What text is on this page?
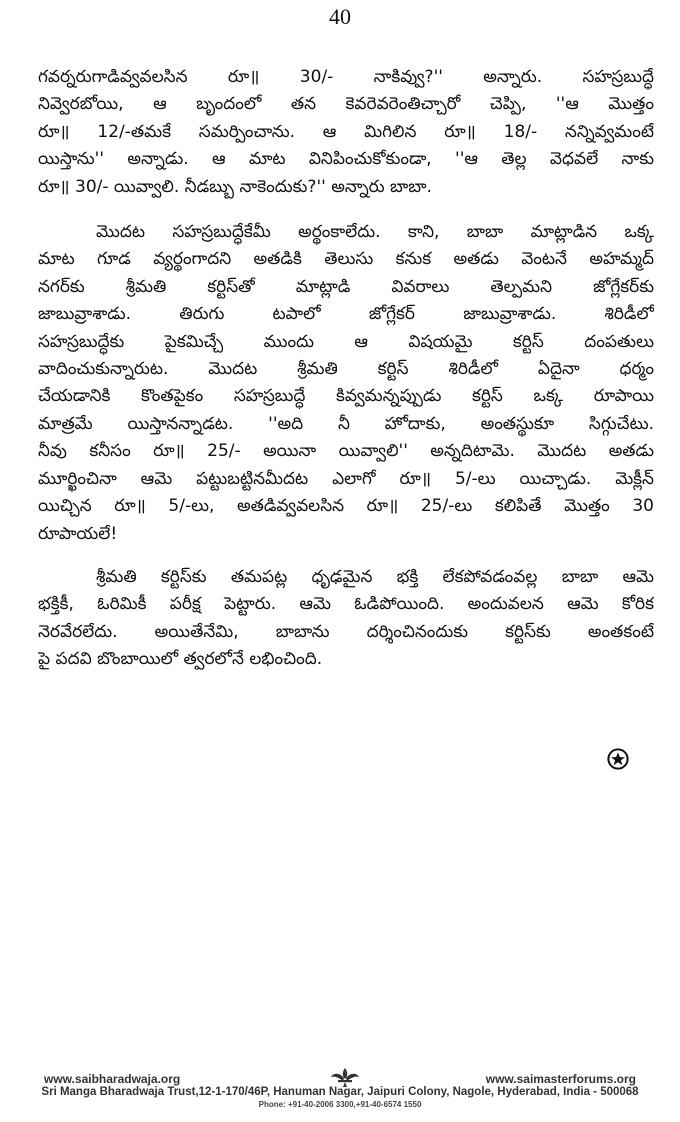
40

గవర్నరుగాడివ్వవలసిన రూ॥ 30/- నాకివ్వు?'' అన్నారు. సహస్రబుద్ధే
నివ్వెరబోయి, ఆ బృందంలో తన కెవరెవరెంతిచ్చారో చెప్పి, ''ఆ మొత్తం
రూ॥ 12/-తమకే సమర్పించాను. ఆ మిగిలిన రూ॥ 18/- నన్నివ్వమంటే
యిస్తాను'' అన్నాడు. ఆ మాట వినిపించుకోకుండా, ''ఆ తెల్ల వెధవలే నాకు
రూ॥ 30/- యివ్వాలి. నీడబ్బు నాకెందుకు?'' అన్నారు బాబా.

మొదట సహస్రబుద్ధేకేమీ అర్థంకాలేదు. కాని, బాబా మాట్లాడిన ఒక్క
మాట గూడ వ్యర్థంగాదని అతడికి తెలుసు కనుక అతడు వెంటనే అహమ్మద్
నగర్‌కు శ్రీమతి కర్టిస్‌తో మాట్లాడి వివరాలు తెల్పమని జోగ్లేకర్‌కు
జాబువ్రాశాడు. తిరుగు టపాలో జోగ్లేకర్ జాబువ్రాశాడు. శిరిడీలో
సహస్రబుద్ధేకు పైకమిచ్చే ముందు ఆ విషయమై కర్టిస్ దంపతులు
వాదించుకున్నారుట. మొదట శ్రీమతి కర్టిస్ శిరిడీలో ఏదైనా ధర్మం
చేయడానికి కొంతపైకం సహస్రబుద్ధే కివ్వమన్నప్పుడు కర్టిస్ ఒక్క రూపాయి
మాత్రమే యిస్తానన్నాడట. ''అది నీ హోదాకు, అంతస్థుకూ సిగ్గుచేటు.
నీవు కనీసం రూ॥ 25/- అయినా యివ్వాలి'' అన్నదిటామె. మొదట అతడు
మూర్ఖించినా ఆమె పట్టుబట్టినమీదట ఎలాగో రూ॥ 5/-లు యిచ్చాడు. మెక్లీన్
యిచ్చిన రూ॥ 5/-లు, అతడివ్వవలసిన రూ॥ 25/-లు కలిపితే మొత్తం 30
రూపాయలే!

శ్రీమతి కర్టిస్‌కు తమపట్ల ధృఢమైన భక్తి లేకపోవడంవల్ల బాబా ఆమె
భక్తికీ, ఓరిమికీ పరీక్ష పెట్టారు. ఆమె ఓడిపోయింది. అందువలన ఆమె కోరిక
నెరవేరలేదు. అయితేనేమి, బాబాను దర్శించినందుకు కర్టిస్‌కు అంతకంటే
పై పదవి బొంబాయిలో త్వరలోనే లభించింది.

www.saibharadwaja.org	www.saimasterforums.org
Sri Manga Bharadwaja Trust,12-1-170/46P, Hanuman Nagar, Jaipuri Colony, Nagole, Hyderabad, India - 500068
Phone: +91-40-2006 3300,+91-40-6574 1550
